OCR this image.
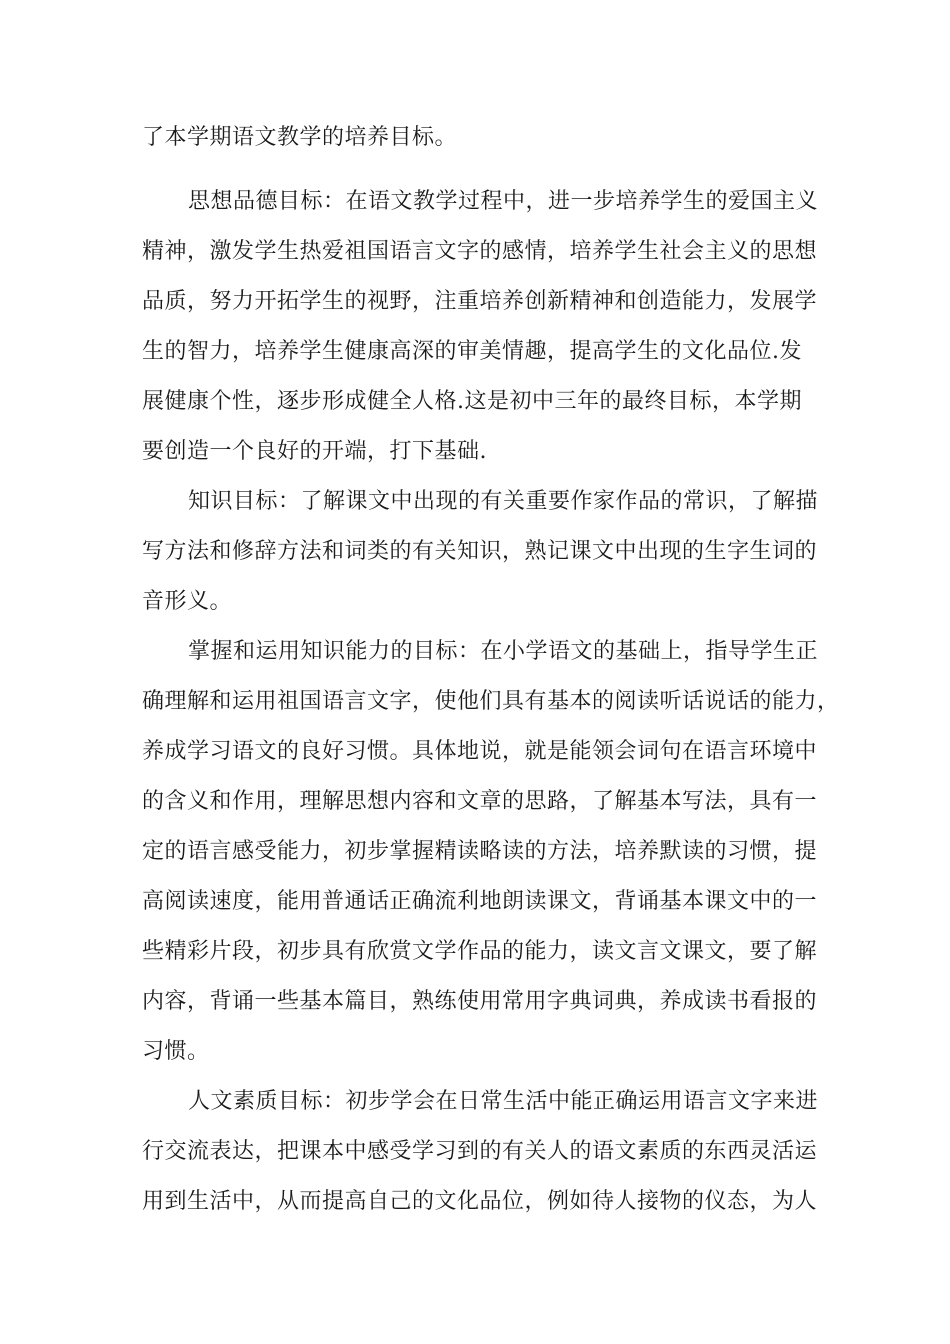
了本学期语文教学的培养目标。
思想品德目标：在语文教学过程中，进一步培养学生的爱国主义
精神，激发学生热爱祖国语言文字的感情，培养学生社会主义的思想
品质，努力开拓学生的视野，注重培养创新精神和创造能力，发展学
生的智力，培养学生健康高深的审美情趣，提高学生的文化品位.发
展健康个性，逐步形成健全人格.这是初中三年的最终目标，本学期
要创造一个良好的开端，打下基础.
知识目标：了解课文中出现的有关重要作家作品的常识，了解描
写方法和修辞方法和词类的有关知识，熟记课文中出现的生字生词的
音形义。
掌握和运用知识能力的目标：在小学语文的基础上，指导学生正
确理解和运用祖国语言文字，使他们具有基本的阅读听话说话的能力，
养成学习语文的良好习惯。具体地说，就是能领会词句在语言环境中
的含义和作用，理解思想内容和文章的思路，了解基本写法，具有一
定的语言感受能力，初步掌握精读略读的方法，培养默读的习惯，提
高阅读速度，能用普通话正确流利地朗读课文，背诵基本课文中的一
些精彩片段，初步具有欣赏文学作品的能力，读文言文课文，要了解
内容，背诵一些基本篇目，熟练使用常用字典词典，养成读书看报的
习惯。
人文素质目标：初步学会在日常生活中能正确运用语言文字来进
行交流表达，把课本中感受学习到的有关人的语文素质的东西灵活运
用到生活中，从而提高自己的文化品位，例如待人接物的仪态，为人
